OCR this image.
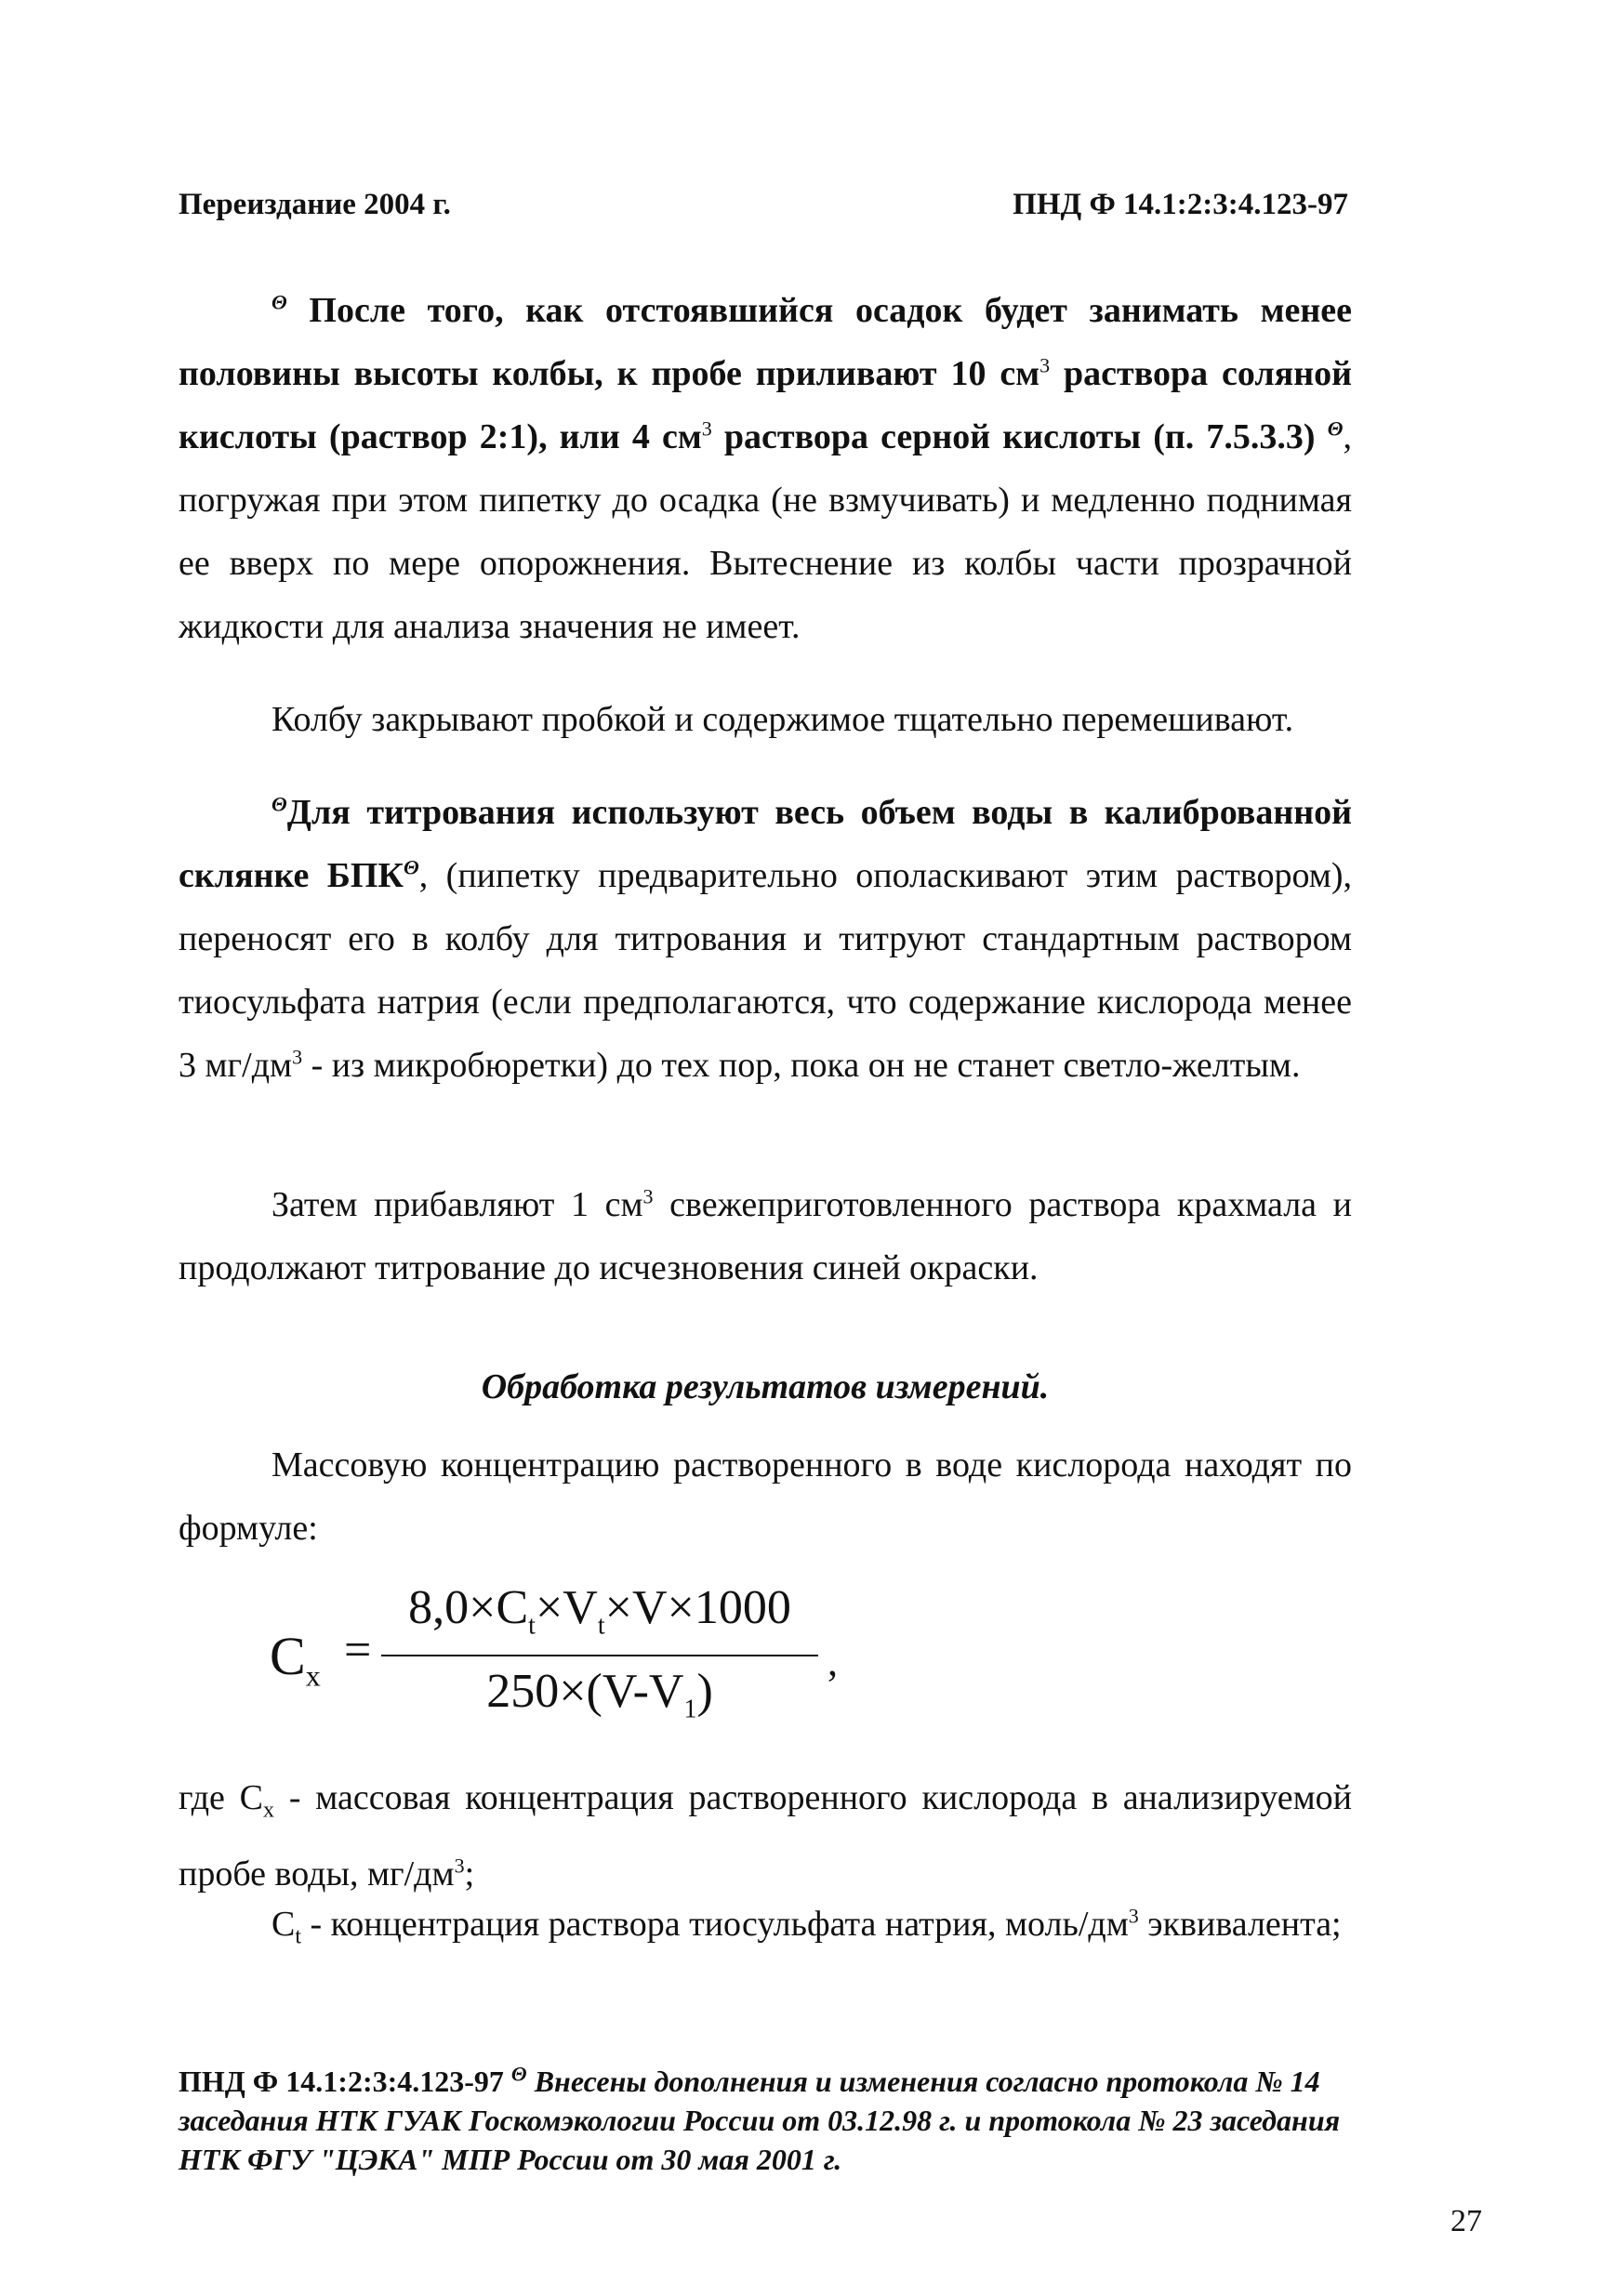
Переиздание 2004 г.	ПНД Ф 14.1:2:3:4.123-97

$^\Theta$ После того, как отстоявшийся осадок будет занимать менее половины высоты колбы, к пробе приливают 10 $см^3$ раствора соляной кислоты (раствор 2:1), или 4 $см^3$ раствора серной кислоты (п. 7.5.3.3) $^\Theta$, погружая при этом пипетку до осадка (не взмучивать) и медленно поднимая ее вверх по мере опорожнения. Вытеснение из колбы части прозрачной жидкости для анализа значения не имеет.

Колбу закрывают пробкой и содержимое тщательно перемешивают.

$^\Theta$Для титрования используют весь объем воды в калиброванной склянке $БПК^\Theta$, (пипетку предварительно ополаскивают этим раствором), переносят его в колбу для титрования и титруют стандартным раствором тиосульфата натрия (если предполагаются, что содержание кислорода менее 3 $мг/дм^3$ - из микробюретки) до тех пор, пока он не станет светло-желтым.

Затем прибавляют 1 $см^3$ свежеприготовленного раствора крахмала и продолжают титрование до исчезновения синей окраски.

Обработка результатов измерений.

Массовую концентрацию растворенного в воде кислорода находят по формуле:

$C_x$ =
$8,0\times C_t\times V_t\times V\times 1000$
$250\times(V-V_1)$
,

где $C_x$ - массовая концентрация растворенного кислорода в анализируемой пробе воды, $мг/дм^3$;

$C_t$ - концентрация раствора тиосульфата натрия, моль/$дм^3$ эквивалента;

ПНД Ф 14.1:2:3:4.123-97 $^\Theta$ Внесены дополнения и изменения согласно протокола № 14 заседания НТК ГУАК Госкомэкологии России от 03.12.98 г. и протокола № 23 заседания НТК ФГУ "ЦЭКА" МПР России от 30 мая 2001 г.

27
